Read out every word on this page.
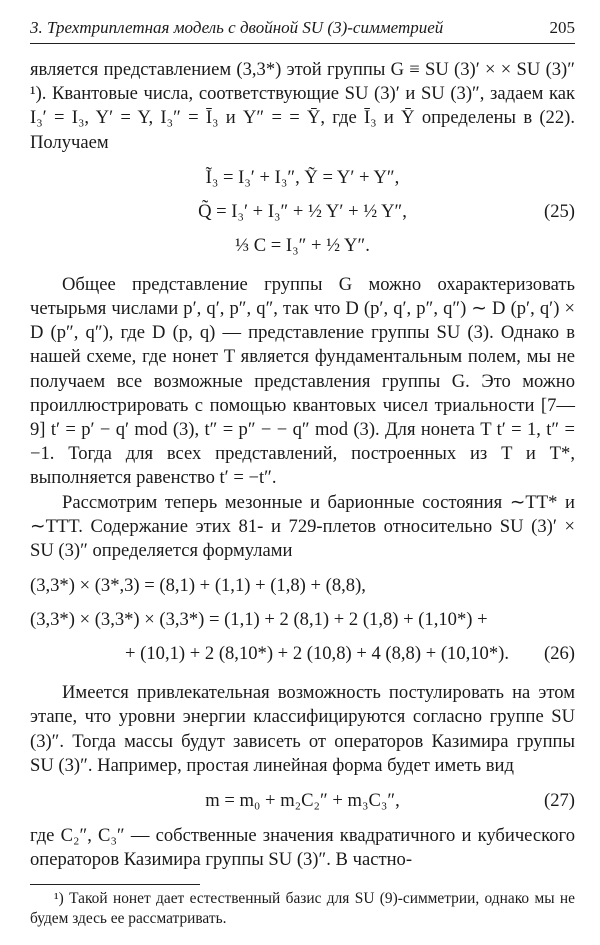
3. Трехтриплетная модель с двойной SU (3)-симметрией	205

является представлением (3,3*) этой группы G ≡ SU (3)′ × × SU (3)″ ¹). Квантовые числа, соответствующие SU (3)′ и SU (3)″, задаем как I₃′ = I₃, Y′ = Y, I₃″ = Ī₃ и Y″ = = Ȳ, где Ī₃ и Ȳ определены в (22). Получаем

Ĩ₃ = I₃′ + I₃″, Ỹ = Y′ + Y″,
Q̃ = I₃′ + I₃″ + ½ Y′ + ½ Y″,	(25)
⅓ C = I₃″ + ½ Y″.

Общее представление группы G можно охарактеризовать четырьмя числами p′, q′, p″, q″, так что D (p′, q′, p″, q″) ∼ D (p′, q′) × D (p″, q″), где D (p, q) — представление группы SU (3). Однако в нашей схеме, где нонет T является фундаментальным полем, мы не получаем все возможные представления группы G. Это можно проиллюстрировать с помощью квантовых чисел триальности [7—9] t′ = p′ − q′ mod (3), t″ = p″ − − q″ mod (3). Для нонета T t′ = 1, t″ = −1. Тогда для всех представлений, построенных из T и T*, выполняется равенство t′ = −t″.

Рассмотрим теперь мезонные и барионные состояния ∼TT* и ∼TTT. Содержание этих 81- и 729-плетов относительно SU (3)′ × SU (3)″ определяется формулами

(3,3*) × (3*,3) = (8,1) + (1,1) + (1,8) + (8,8),
(3,3*) × (3,3*) × (3,3*) = (1,1) + 2 (8,1) + 2 (1,8) + (1,10*) +
+ (10,1) + 2 (8,10*) + 2 (10,8) + 4 (8,8) + (10,10*).	(26)

Имеется привлекательная возможность постулировать на этом этапе, что уровни энергии классифицируются согласно группе SU (3)″. Тогда массы будут зависеть от операторов Казимира группы SU (3)″. Например, простая линейная форма будет иметь вид

m = m₀ + m₂C₂″ + m₃C₃″,	(27)

где C₂″, C₃″ — собственные значения квадратичного и кубического операторов Казимира группы SU (3)″. В частно-

¹) Такой нонет дает естественный базис для SU (9)-симметрии, однако мы не будем здесь ее рассматривать.
